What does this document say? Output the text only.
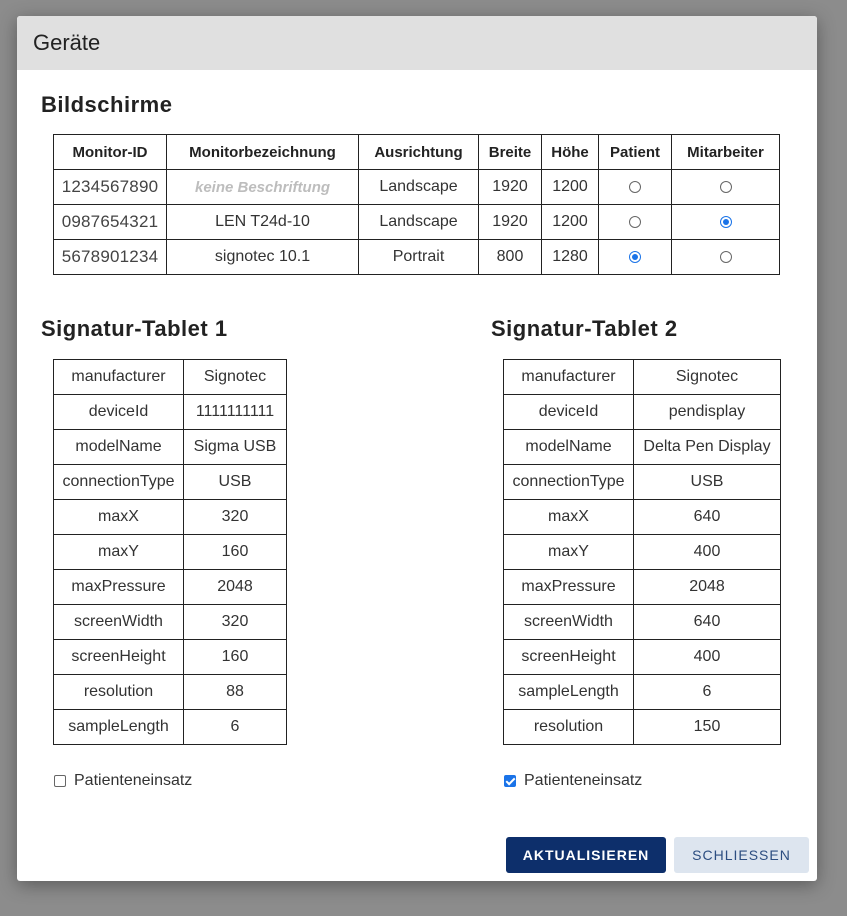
Geräte
Bildschirme
Monitor-ID	Monitorbezeichnung	Ausrichtung	Breite	Höhe	Patient	Mitarbeiter
1234567890	keine Beschriftung	Landscape	1920	1200		
0987654321	LEN T24d-10	Landscape	1920	1200		
5678901234	signotec 10.1	Portrait	800	1280		
Signatur-Tablet 1
manufacturer	Signotec
deviceId	1111111111
modelName	Sigma USB
connectionType	USB
maxX	320
maxY	160
maxPressure	2048
screenWidth	320
screenHeight	160
resolution	88
sampleLength	6
Patienteneinsatz
Signatur-Tablet 2
manufacturer	Signotec
deviceId	pendisplay
modelName	Delta Pen Display
connectionType	USB
maxX	640
maxY	400
maxPressure	2048
screenWidth	640
screenHeight	400
sampleLength	6
resolution	150
Patienteneinsatz
AKTUALISIEREN	SCHLIESSEN
